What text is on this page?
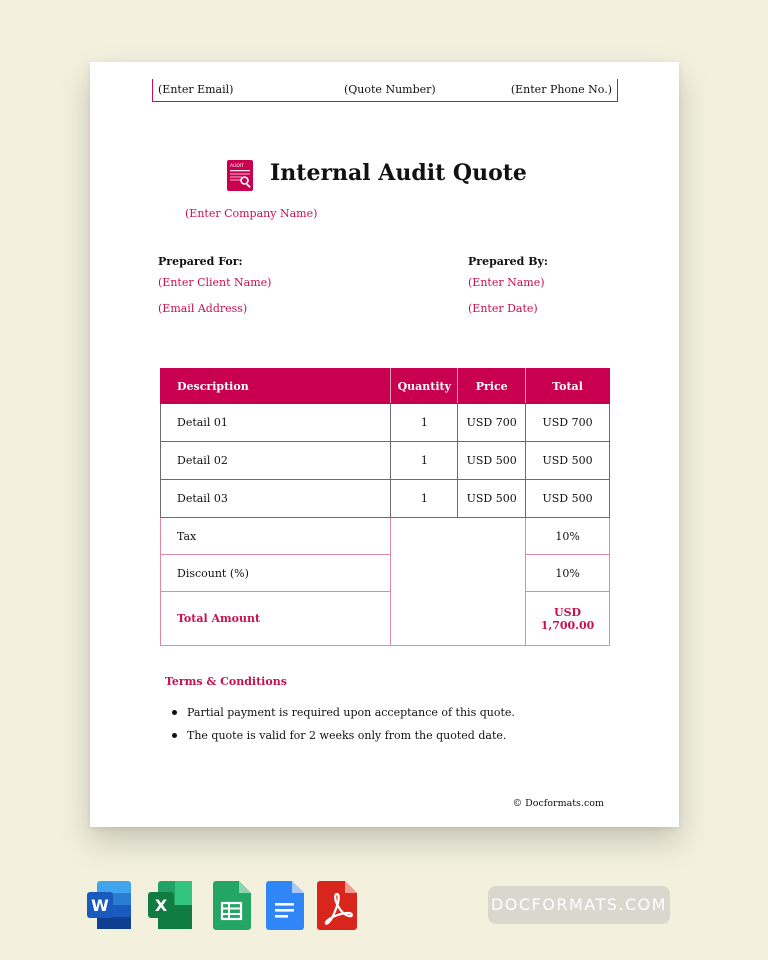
(Enter Email)	(Quote Number)	(Enter Phone No.)
AUDIT Internal Audit Quote
(Enter Company Name)
Prepared For:
(Enter Client Name)
(Email Address)
Prepared By:
(Enter Name)
(Enter Date)
Description	Quantity	Price	Total
Detail 01	1	USD 700	USD 700
Detail 02	1	USD 500	USD 500
Detail 03	1	USD 500	USD 500
Tax			10%
Discount (%)			10%
Total Amount			USD 1,700.00
Terms & Conditions
Partial payment is required upon acceptance of this quote.
The quote is valid for 2 weeks only from the quoted date.
© Docformats.com
W	X	DOCFORMATS.COM
